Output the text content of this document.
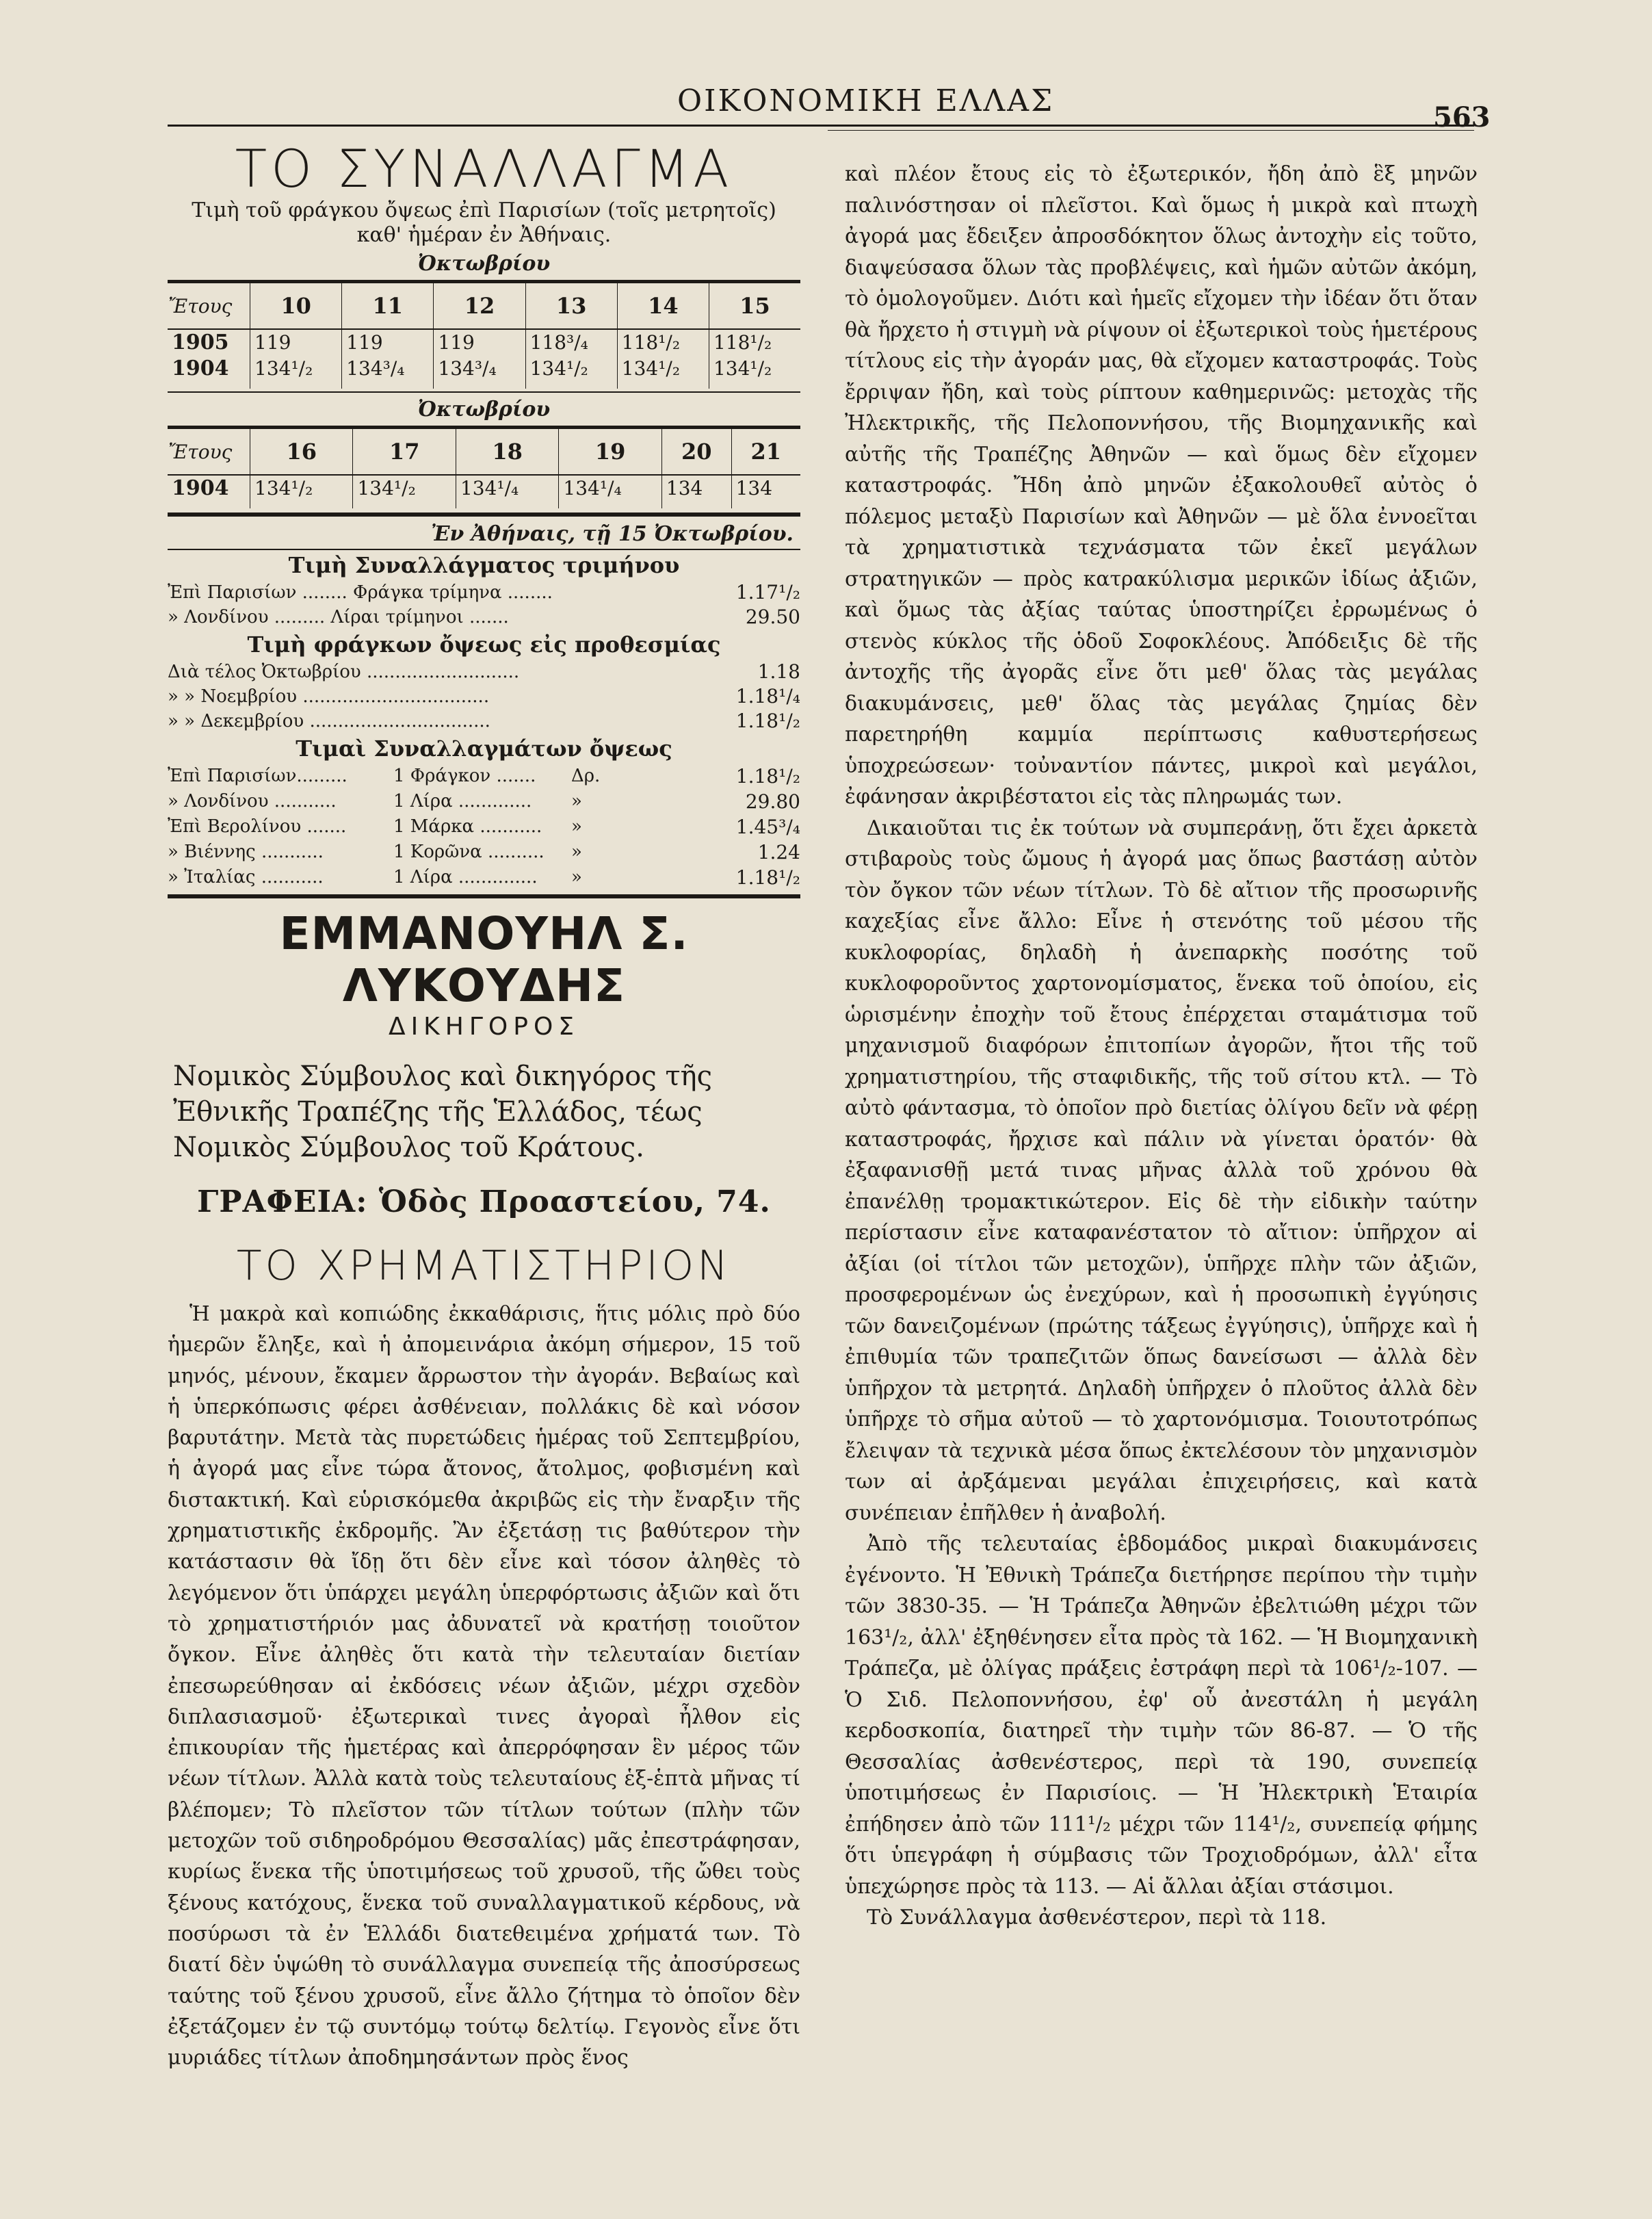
ΟΙΚΟΝΟΜΙΚΗ ΕΛΛΑΣ	563
ΤΟ ΣΥΝΑΛΛΑΓΜΑ

Τιμὴ τοῦ φράγκου ὄψεως ἐπὶ Παρισίων (τοῖς μετρητοῖς)

καθ' ἡμέραν ἐν Ἀθήναις.

Ὀκτωβρίου

Ἔτους	10	11	12	13	14	15
1905	119	119	119	118³/₄	118¹/₂	118¹/₂
1904	134¹/₂	134³/₄	134³/₄	134¹/₂	134¹/₂	134¹/₂

Ὀκτωβρίου

Ἔτους	16	17	18	19	20	21
1904	134¹/₂	134¹/₂	134¹/₄	134¹/₄	134	134

Ἐν Ἀθήναις, τῇ 15 Ὀκτωβρίου.

Τιμὴ Συναλλάγματος τριμήνου

Ἐπὶ Παρισίων ........ Φράγκα τρίμηνα ........	1.17¹/₂
» Λονδίνου ......... Λίραι τρίμηνοι .......	29.50

Τιμὴ φράγκων ὄψεως εἰς προθεσμίας

Διὰ τέλος Ὀκτωβρίου ...........................	1.18
» » Νοεμβρίου .................................	1.18¹/₄
» » Δεκεμβρίου ................................	1.18¹/₂

Τιμαὶ Συναλλαγμάτων ὄψεως

Ἐπὶ Παρισίων.........	1 Φράγκον .......	Δρ.	1.18¹/₂
» Λονδίνου ...........	1 Λίρα .............	»	29.80
Ἐπὶ Βερολίνου .......	1 Μάρκα ...........	»	1.45³/₄
» Βιέννης ...........	1 Κορῶνα ..........	»	1.24
» Ἰταλίας ...........	1 Λίρα ..............	»	1.18¹/₂
ΕΜΜΑΝΟΥΗΛ Σ. ΛΥΚΟΥΔΗΣ

ΔΙΚΗΓΟΡΟΣ

Νομικὸς Σύμβουλος καὶ δικηγόρος τῆς Ἐθνικῆς Τραπέζης τῆς Ἑλλάδος, τέως Νομικὸς Σύμβουλος τοῦ Κράτους.

ΓΡΑΦΕΙΑ: Ὁδὸς Προαστείου, 74.

ΤΟ ΧΡΗΜΑΤΙΣΤΗΡΙΟΝ

Ἡ μακρὰ καὶ κοπιώδης ἐκκαθάρισις, ἥτις μόλις πρὸ δύο ἡμερῶν ἔληξε, καὶ ἡ ἀπομεινάρια ἀκόμη σήμερον, 15 τοῦ μηνός, μένουν, ἔκαμεν ἄρρωστον τὴν ἀγοράν. Βεβαίως καὶ ἡ ὑπερκόπωσις φέρει ἀσθένειαν, πολλάκις δὲ καὶ νόσον βαρυτάτην. Μετὰ τὰς πυρετώδεις ἡμέρας τοῦ Σεπτεμβρίου, ἡ ἀγορά μας εἶνε τώρα ἄτονος, ἄτολμος, φοβισμένη καὶ διστακτική. Καὶ εὑρισκόμεθα ἀκριβῶς εἰς τὴν ἔναρξιν τῆς χρηματιστικῆς ἐκδρομῆς. Ἂν ἐξετάσῃ τις βαθύτερον τὴν κατάστασιν θὰ ἴδῃ ὅτι δὲν εἶνε καὶ τόσον ἀληθὲς τὸ λεγόμενον ὅτι ὑπάρχει μεγάλη ὑπερφόρτωσις ἀξιῶν καὶ ὅτι τὸ χρηματιστήριόν μας ἀδυνατεῖ νὰ κρατήσῃ τοιοῦτον ὄγκον. Εἶνε ἀληθὲς ὅτι κατὰ τὴν τελευταίαν διετίαν ἐπεσωρεύθησαν αἱ ἐκδόσεις νέων ἀξιῶν, μέχρι σχεδὸν διπλασιασμοῦ· ἐξωτερικαὶ τινες ἀγοραὶ ἦλθον εἰς ἐπικουρίαν τῆς ἡμετέρας καὶ ἀπερρόφησαν ἓν μέρος τῶν νέων τίτλων. Ἀλλὰ κατὰ τοὺς τελευταίους ἑξ-ἑπτὰ μῆνας τί βλέπομεν; Τὸ πλεῖστον τῶν τίτλων τούτων (πλὴν τῶν μετοχῶν τοῦ σιδηροδρόμου Θεσσαλίας) μᾶς ἐπεστράφησαν, κυρίως ἕνεκα τῆς ὑποτιμήσεως τοῦ χρυσοῦ, τῆς ὤθει τοὺς ξένους κατόχους, ἕνεκα τοῦ συναλλαγματικοῦ κέρδους, νὰ ποσύρωσι τὰ ἐν Ἑλλάδι διατεθειμένα χρήματά των. Τὸ διατί δὲν ὑψώθη τὸ συνάλλαγμα συνεπείᾳ τῆς ἀποσύρσεως ταύτης τοῦ ξένου χρυσοῦ, εἶνε ἄλλο ζήτημα τὸ ὁποῖον δὲν ἐξετάζομεν ἐν τῷ συντόμῳ τούτῳ δελτίῳ. Γεγονὸς εἶνε ὅτι μυριάδες τίτλων ἀποδημησάντων πρὸς ἕνος

καὶ πλέον ἔτους εἰς τὸ ἐξωτερικόν, ἤδη ἀπὸ ἓξ μηνῶν παλινόστησαν οἱ πλεῖστοι. Καὶ ὅμως ἡ μικρὰ καὶ πτωχὴ ἀγορά μας ἔδειξεν ἀπροσδόκητον ὅλως ἀντοχὴν εἰς τοῦτο, διαψεύσασα ὅλων τὰς προβλέψεις, καὶ ἡμῶν αὐτῶν ἀκόμη, τὸ ὁμολογοῦμεν. Διότι καὶ ἡμεῖς εἴχομεν τὴν ἰδέαν ὅτι ὅταν θὰ ἤρχετο ἡ στιγμὴ νὰ ρίψουν οἱ ἐξωτερικοὶ τοὺς ἡμετέρους τίτλους εἰς τὴν ἀγοράν μας, θὰ εἴχομεν καταστροφάς. Τοὺς ἔρριψαν ἤδη, καὶ τοὺς ρίπτουν καθημερινῶς: μετοχὰς τῆς Ἠλεκτρικῆς, τῆς Πελοποννήσου, τῆς Βιομηχανικῆς καὶ αὐτῆς τῆς Τραπέζης Ἀθηνῶν — καὶ ὅμως δὲν εἴχομεν καταστροφάς. Ἤδη ἀπὸ μηνῶν ἐξακολουθεῖ αὐτὸς ὁ πόλεμος μεταξὺ Παρισίων καὶ Ἀθηνῶν — μὲ ὅλα ἐννοεῖται τὰ χρηματιστικὰ τεχνάσματα τῶν ἐκεῖ μεγάλων στρατηγικῶν — πρὸς κατρακύλισμα μερικῶν ἰδίως ἀξιῶν, καὶ ὅμως τὰς ἀξίας ταύτας ὑποστηρίζει ἐρρωμένως ὁ στενὸς κύκλος τῆς ὁδοῦ Σοφοκλέους. Ἀπόδειξις δὲ τῆς ἀντοχῆς τῆς ἀγορᾶς εἶνε ὅτι μεθ' ὅλας τὰς μεγάλας διακυμάνσεις, μεθ' ὅλας τὰς μεγάλας ζημίας δὲν παρετηρήθη καμμία περίπτωσις καθυστερήσεως ὑποχρεώσεων· τοὐναντίον πάντες, μικροὶ καὶ μεγάλοι, ἐφάνησαν ἀκριβέστατοι εἰς τὰς πληρωμάς των.

Δικαιοῦται τις ἐκ τούτων νὰ συμπεράνῃ, ὅτι ἔχει ἀρκετὰ στιβαροὺς τοὺς ὤμους ἡ ἀγορά μας ὅπως βαστάσῃ αὐτὸν τὸν ὄγκον τῶν νέων τίτλων. Τὸ δὲ αἴτιον τῆς προσωρινῆς καχεξίας εἶνε ἄλλο: Εἶνε ἡ στενότης τοῦ μέσου τῆς κυκλοφορίας, δηλαδὴ ἡ ἀνεπαρκὴς ποσότης τοῦ κυκλοφοροῦντος χαρτονομίσματος, ἕνεκα τοῦ ὁποίου, εἰς ὡρισμένην ἐποχὴν τοῦ ἔτους ἐπέρχεται σταμάτισμα τοῦ μηχανισμοῦ διαφόρων ἐπιτοπίων ἀγορῶν, ἤτοι τῆς τοῦ χρηματιστηρίου, τῆς σταφιδικῆς, τῆς τοῦ σίτου κτλ. — Τὸ αὐτὸ φάντασμα, τὸ ὁποῖον πρὸ διετίας ὀλίγου δεῖν νὰ φέρῃ καταστροφάς, ἤρχισε καὶ πάλιν νὰ γίνεται ὁρατόν· θὰ ἐξαφανισθῇ μετά τινας μῆνας ἀλλὰ τοῦ χρόνου θὰ ἐπανέλθῃ τρομακτικώτερον. Εἰς δὲ τὴν εἰδικὴν ταύτην περίστασιν εἶνε καταφανέστατον τὸ αἴτιον: ὑπῆρχον αἱ ἀξίαι (οἱ τίτλοι τῶν μετοχῶν), ὑπῆρχε πλὴν τῶν ἀξιῶν, προσφερομένων ὡς ἐνεχύρων, καὶ ἡ προσωπικὴ ἐγγύησις τῶν δανειζομένων (πρώτης τάξεως ἐγγύησις), ὑπῆρχε καὶ ἡ ἐπιθυμία τῶν τραπεζιτῶν ὅπως δανείσωσι — ἀλλὰ δὲν ὑπῆρχον τὰ μετρητά. Δηλαδὴ ὑπῆρχεν ὁ πλοῦτος ἀλλὰ δὲν ὑπῆρχε τὸ σῆμα αὐτοῦ — τὸ χαρτονόμισμα. Τοιουτοτρόπως ἔλειψαν τὰ τεχνικὰ μέσα ὅπως ἐκτελέσουν τὸν μηχανισμὸν των αἱ ἀρξάμεναι μεγάλαι ἐπιχειρήσεις, καὶ κατὰ συνέπειαν ἐπῆλθεν ἡ ἀναβολή.

Ἀπὸ τῆς τελευταίας ἑβδομάδος μικραὶ διακυμάνσεις ἐγένοντο. Ἡ Ἐθνικὴ Τράπεζα διετήρησε περίπου τὴν τιμὴν τῶν 3830-35. — Ἡ Τράπεζα Ἀθηνῶν ἐβελτιώθη μέχρι τῶν 163¹/₂, ἀλλ' ἐξηθένησεν εἶτα πρὸς τὰ 162. — Ἡ Βιομηχανικὴ Τράπεζα, μὲ ὀλίγας πράξεις ἐστράφη περὶ τὰ 106¹/₂-107. — Ὁ Σιδ. Πελοποννήσου, ἐφ' οὗ ἀνεστάλη ἡ μεγάλη κερδοσκοπία, διατηρεῖ τὴν τιμὴν τῶν 86-87. — Ὁ τῆς Θεσσαλίας ἀσθενέστερος, περὶ τὰ 190, συνεπείᾳ ὑποτιμήσεως ἐν Παρισίοις. — Ἡ Ἠλεκτρικὴ Ἑταιρία ἐπήδησεν ἀπὸ τῶν 111¹/₂ μέχρι τῶν 114¹/₂, συνεπείᾳ φήμης ὅτι ὑπεγράφη ἡ σύμβασις τῶν Τροχιοδρόμων, ἀλλ' εἶτα ὑπεχώρησε πρὸς τὰ 113. — Αἱ ἄλλαι ἀξίαι στάσιμοι.

Τὸ Συνάλλαγμα ἀσθενέστερον, περὶ τὰ 118.
